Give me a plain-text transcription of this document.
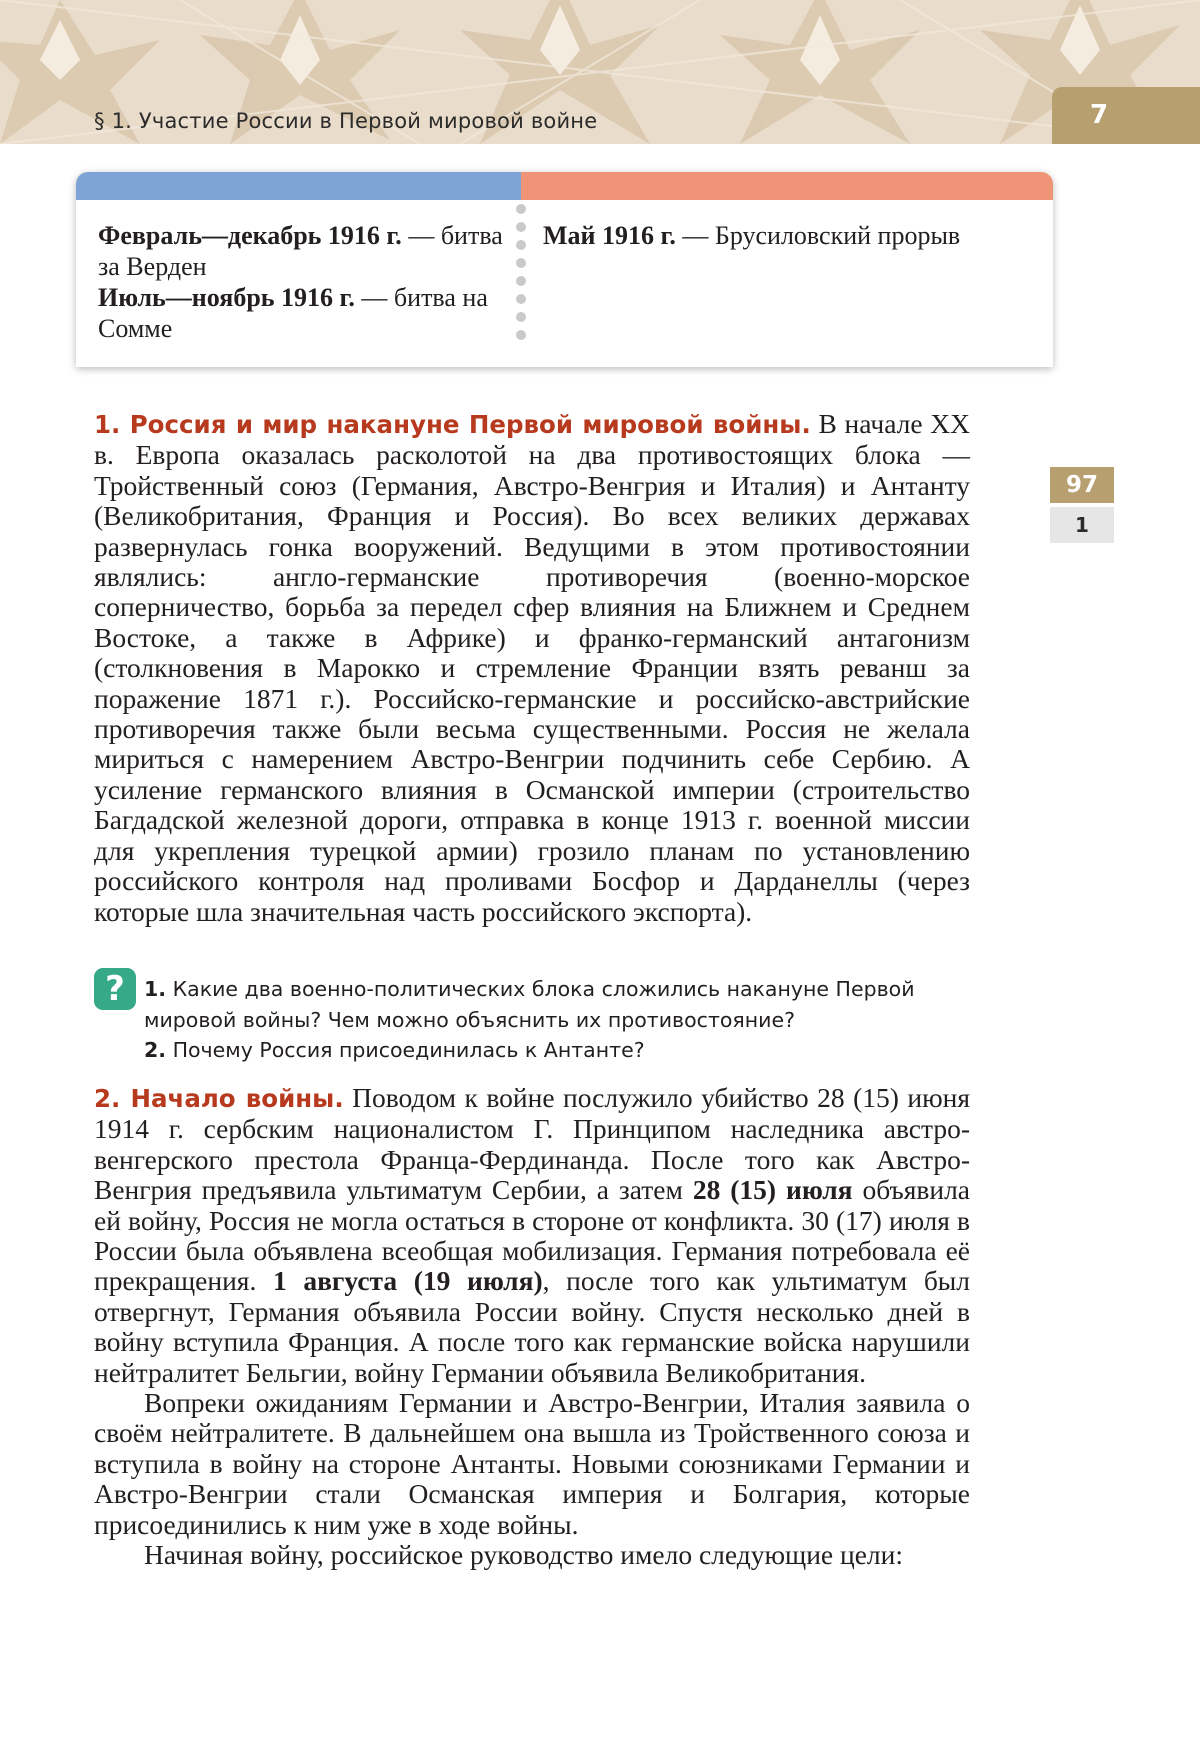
§ 1. Участие России в Первой мировой войне	7
Февраль—декабрь 1916 г. — битва за Верден
Июль—ноябрь 1916 г. — битва на Сомме
Май 1916 г. — Брусиловский прорыв
97
1
1. Россия и мир накануне Первой мировой войны. В начале XX в. Европа оказалась расколотой на два противостоящих блока — Тройственный союз (Германия, Австро-Венгрия и Италия) и Антанту (Великобритания, Франция и Россия). Во всех великих державах развернулась гонка вооружений. Ведущими в этом противостоянии являлись: англо-германские противоречия (военно-морское соперничество, борьба за передел сфер влияния на Ближнем и Среднем Востоке, а также в Африке) и франко-германский антагонизм (столкновения в Марокко и стремление Франции взять реванш за поражение 1871 г.). Российско-германские и российско-австрийские противоречия также были весьма существенными. Россия не желала мириться с намерением Австро-Венгрии подчинить себе Сербию. А усиление германского влияния в Османской империи (строительство Багдадской железной дороги, отправка в конце 1913 г. военной миссии для укрепления турецкой армии) грозило планам по установлению российского контроля над проливами Босфор и Дарданеллы (через которые шла значительная часть российского экспорта).
? 1. Какие два военно-политических блока сложились накануне Первой мировой войны? Чем можно объяснить их противостояние?
2. Почему Россия присоединилась к Антанте?
2. Начало войны. Поводом к войне послужило убийство 28 (15) июня 1914 г. сербским националистом Г. Принципом наследника австро-венгерского престола Франца-Фердинанда. После того как Австро-Венгрия предъявила ультиматум Сербии, а затем 28 (15) июля объявила ей войну, Россия не могла остаться в стороне от конфликта. 30 (17) июля в России была объявлена всеобщая мобилизация. Германия потребовала её прекращения. 1 августа (19 июля), после того как ультиматум был отвергнут, Германия объявила России войну. Спустя несколько дней в войну вступила Франция. А после того как германские войска нарушили нейтралитет Бельгии, войну Германии объявила Великобритания.
Вопреки ожиданиям Германии и Австро-Венгрии, Италия заявила о своём нейтралитете. В дальнейшем она вышла из Тройственного союза и вступила в войну на стороне Антанты. Новыми союзниками Германии и Австро-Венгрии стали Османская империя и Болгария, которые присоединились к ним уже в ходе войны.
Начиная войну, российское руководство имело следующие цели:
